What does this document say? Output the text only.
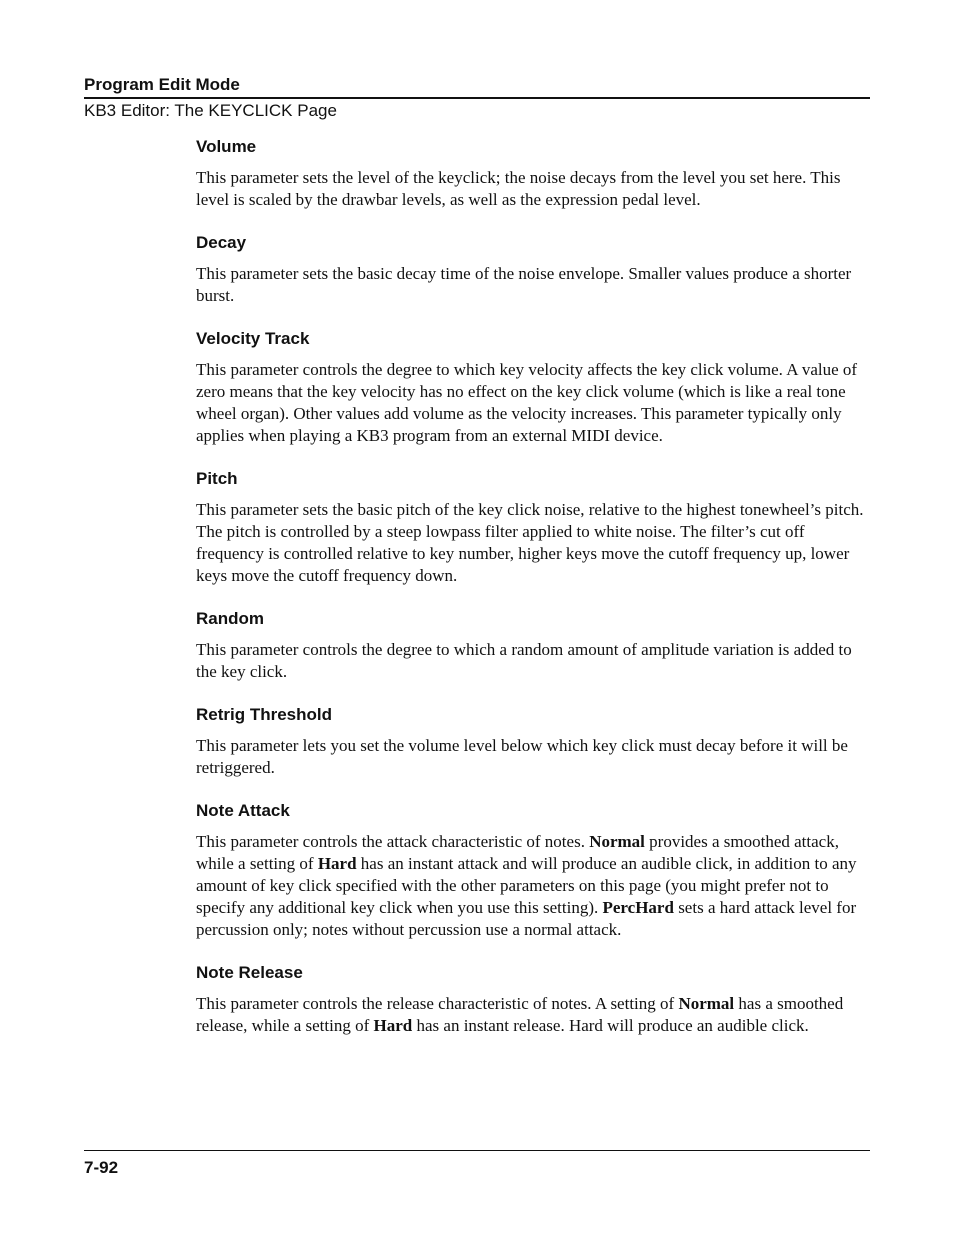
Program Edit Mode
KB3 Editor: The KEYCLICK Page
Volume

This parameter sets the level of the keyclick; the noise decays from the level you set here. This level is scaled by the drawbar levels, as well as the expression pedal level.

Decay

This parameter sets the basic decay time of the noise envelope. Smaller values produce a shorter burst.

Velocity Track

This parameter controls the degree to which key velocity affects the key click volume. A value of zero means that the key velocity has no effect on the key click volume (which is like a real tone wheel organ). Other values add volume as the velocity increases. This parameter typically only applies when playing a KB3 program from an external MIDI device.

Pitch

This parameter sets the basic pitch of the key click noise, relative to the highest tonewheel’s pitch. The pitch is controlled by a steep lowpass filter applied to white noise. The filter’s cut off frequency is controlled relative to key number, higher keys move the cutoff frequency up, lower keys move the cutoff frequency down.

Random

This parameter controls the degree to which a random amount of amplitude variation is added to the key click.

Retrig Threshold

This parameter lets you set the volume level below which key click must decay before it will be retriggered.

Note Attack

This parameter controls the attack characteristic of notes. Normal provides a smoothed attack, while a setting of Hard has an instant attack and will produce an audible click, in addition to any amount of key click specified with the other parameters on this page (you might prefer not to specify any additional key click when you use this setting). PercHard sets a hard attack level for percussion only; notes without percussion use a normal attack.

Note Release

This parameter controls the release characteristic of notes. A setting of Normal has a smoothed release, while a setting of Hard has an instant release. Hard will produce an audible click.

7-92
